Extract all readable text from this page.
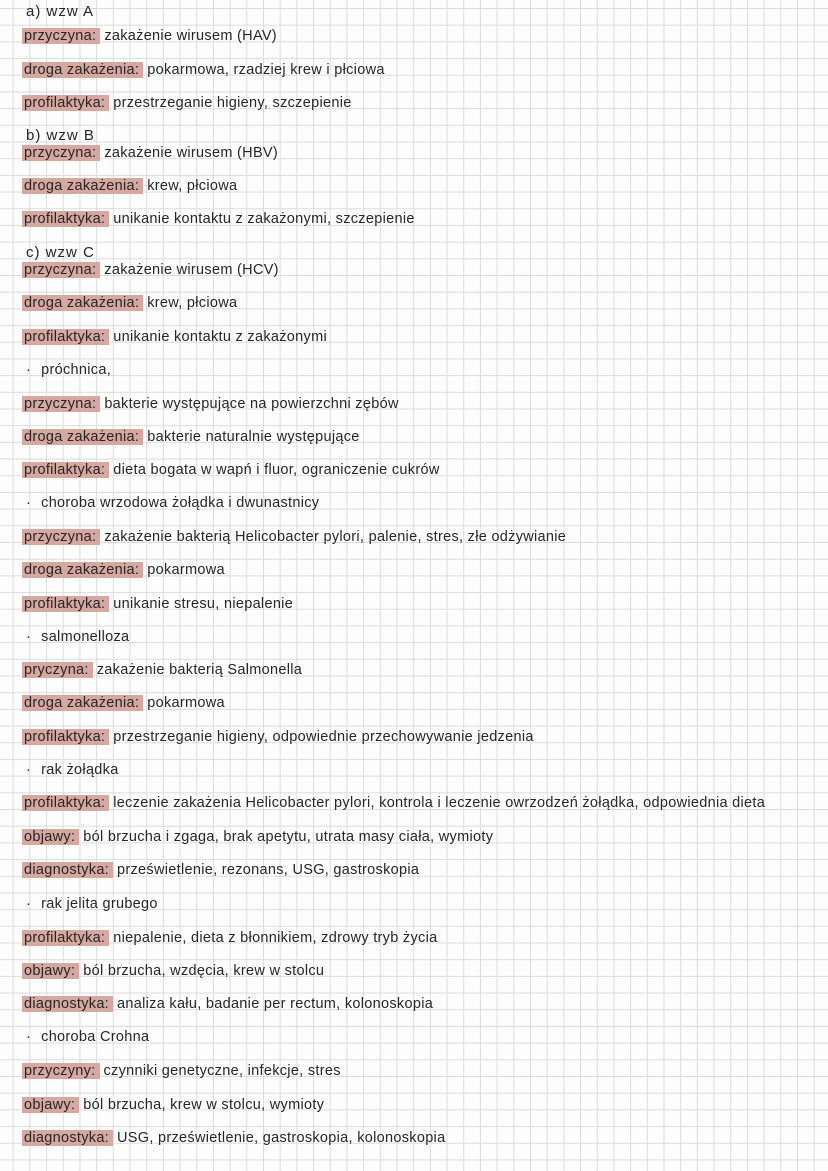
a) wzw A
przyczyna: zakażenie wirusem (HAV)
droga zakażenia: pokarmowa, rzadziej krew i płciowa
profilaktyka: przestrzeganie higieny, szczepienie
b) wzw B
przyczyna: zakażenie wirusem (HBV)
droga zakażenia: krew, płciowa
profilaktyka: unikanie kontaktu z zakażonymi, szczepienie
c) wzw C
przyczyna: zakażenie wirusem (HCV)
droga zakażenia: krew, płciowa
profilaktyka: unikanie kontaktu z zakażonymi
· próchnica,
przyczyna: bakterie występujące na powierzchni zębów
droga zakażenia: bakterie naturalnie występujące
profilaktyka: dieta bogata w wapń i fluor, ograniczenie cukrów
· choroba wrzodowa żołądka i dwunastnicy
przyczyna: zakażenie bakterią Helicobacter pylori, palenie, stres, złe odżywianie
droga zakażenia: pokarmowa
profilaktyka: unikanie stresu, niepalenie
· salmonelloza
pryczyna: zakażenie bakterią Salmonella
droga zakażenia: pokarmowa
profilaktyka: przestrzeganie higieny, odpowiednie przechowywanie jedzenia
· rak żołądka
profilaktyka: leczenie zakażenia Helicobacter pylori, kontrola i leczenie owrzodzeń żołądka, odpowiednia dieta
objawy: ból brzucha i zgaga, brak apetytu, utrata masy ciała, wymioty
diagnostyka: prześwietlenie, rezonans, USG, gastroskopia
· rak jelita grubego
profilaktyka: niepalenie, dieta z błonnikiem, zdrowy tryb życia
objawy: ból brzucha, wzdęcia, krew w stolcu
diagnostyka: analiza kału, badanie per rectum, kolonoskopia
· choroba Crohna
przyczyny: czynniki genetyczne, infekcje, stres
objawy: ból brzucha, krew w stolcu, wymioty
diagnostyka: USG, prześwietlenie, gastroskopia, kolonoskopia
